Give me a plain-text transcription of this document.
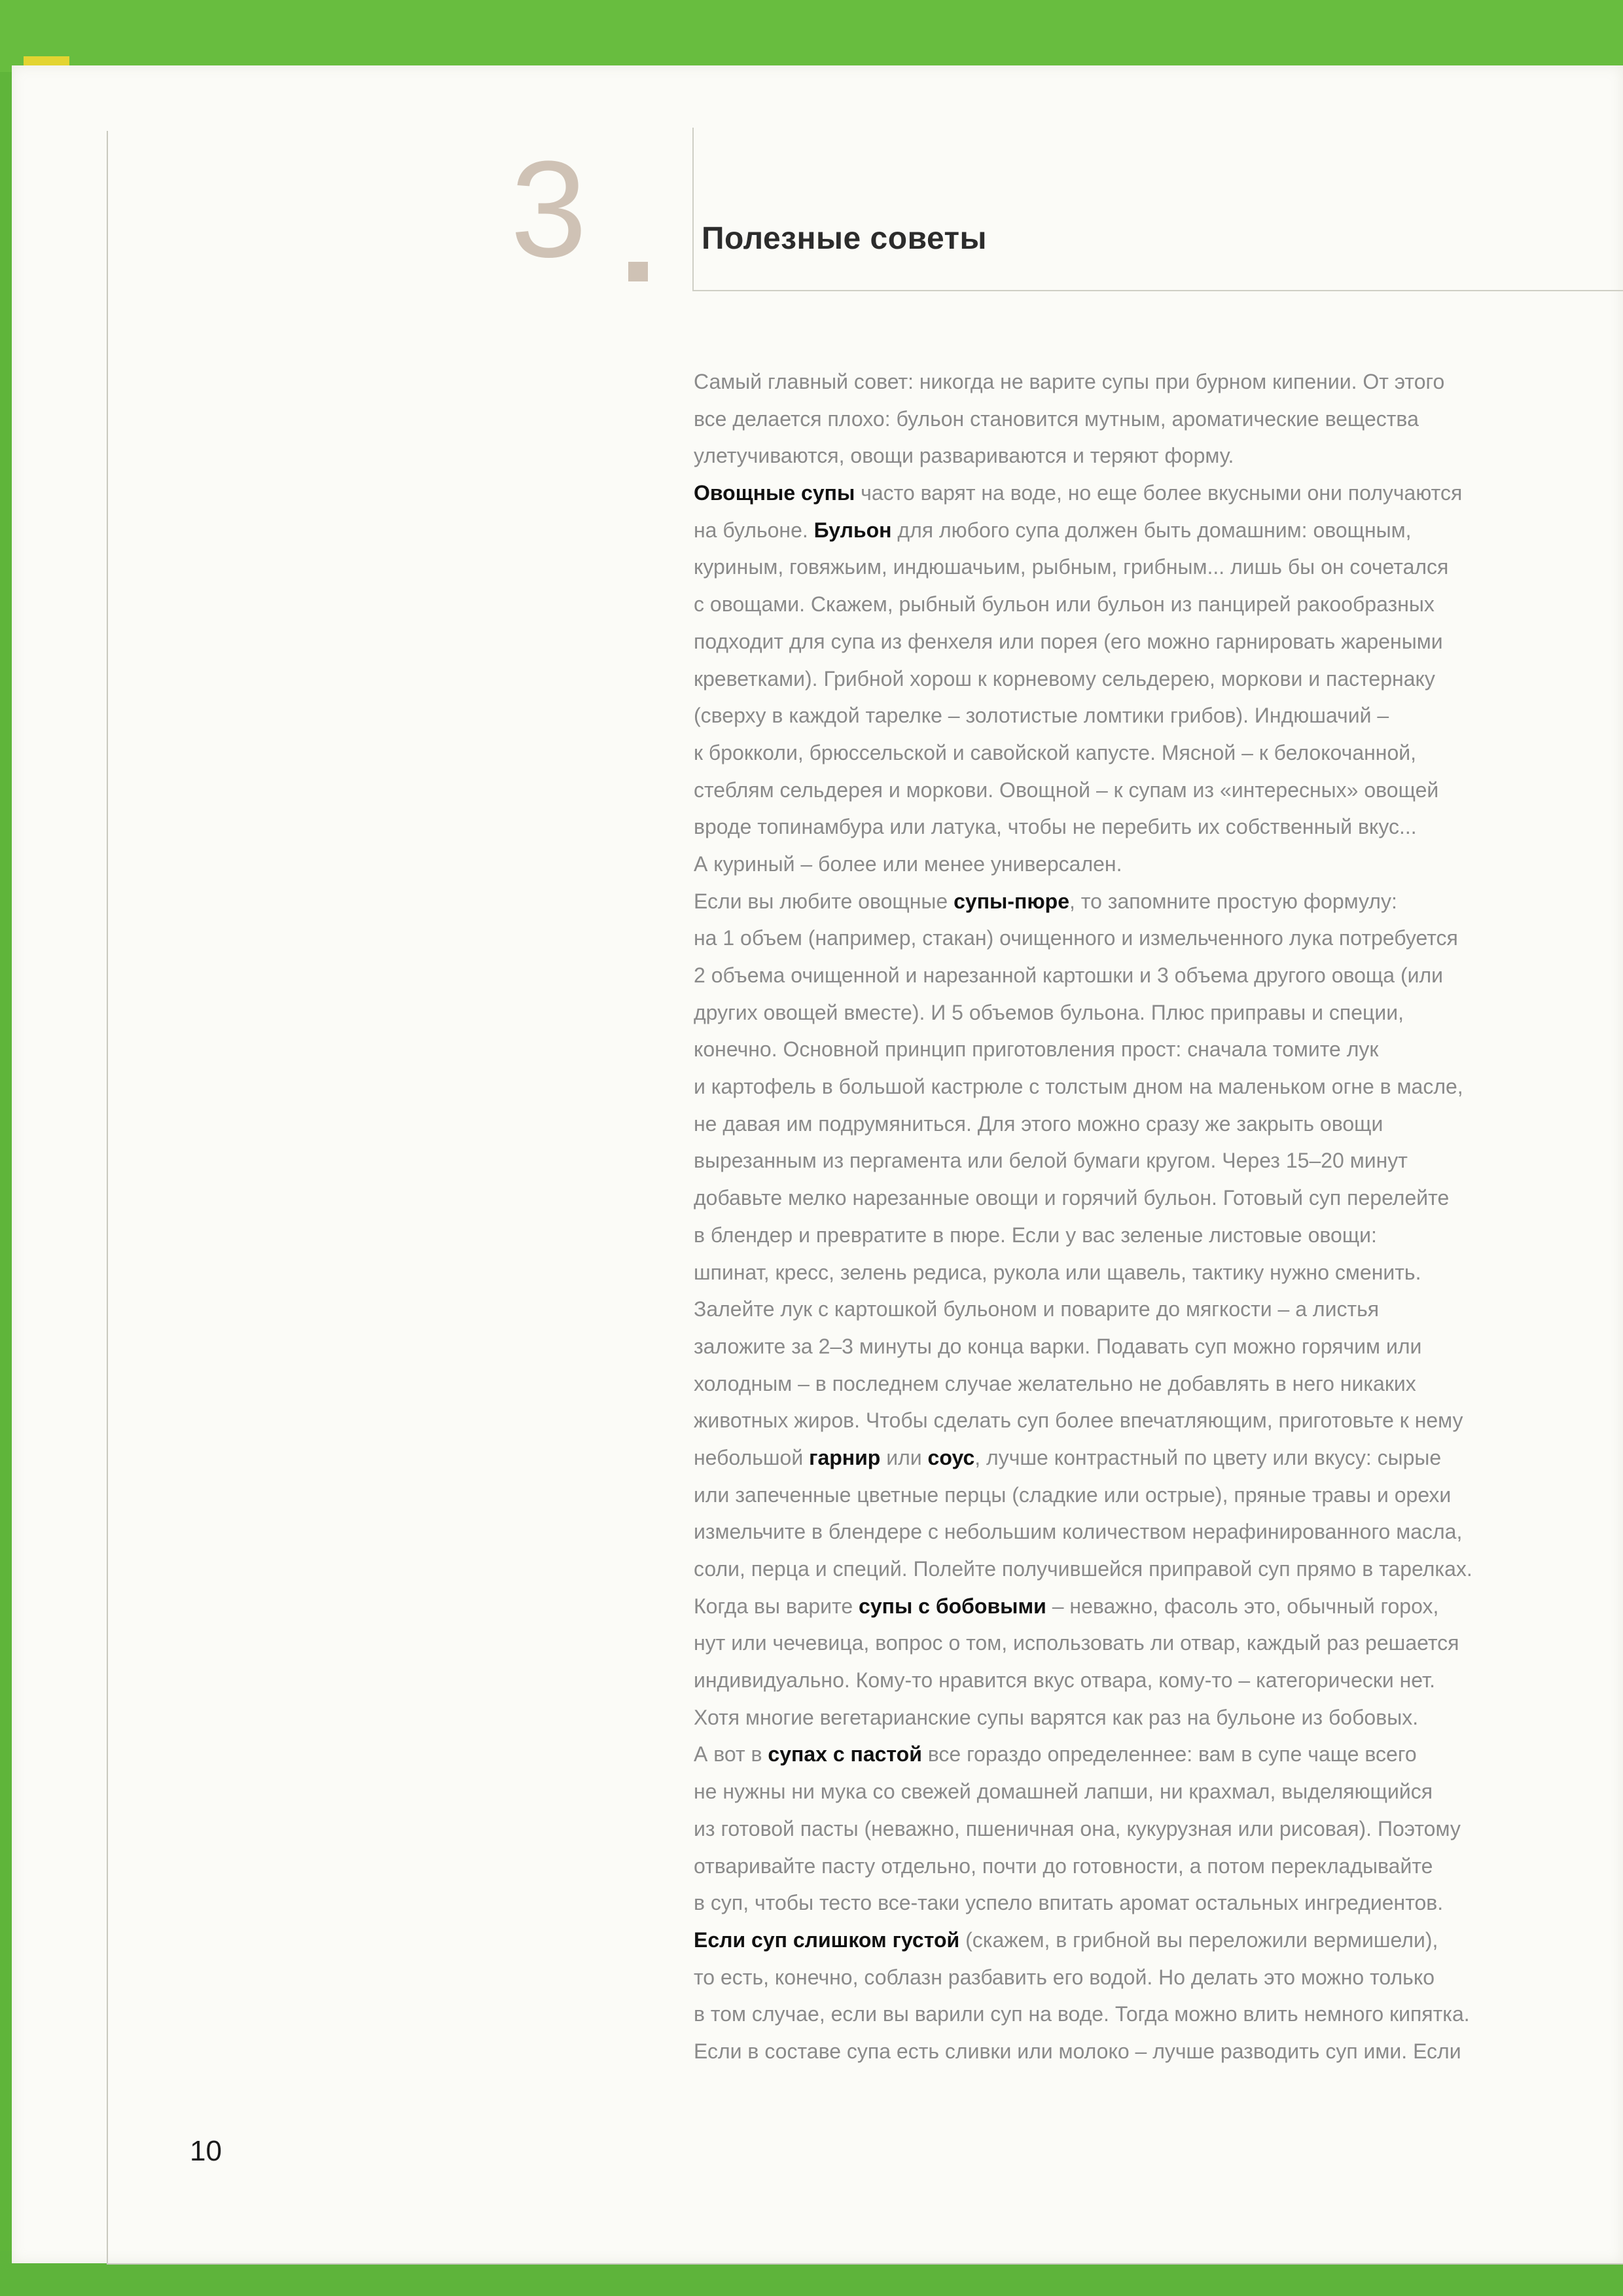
3	Полезные советы
Самый главный совет: никогда не варите супы при бурном кипении. От этого
все делается плохо: бульон становится мутным, ароматические вещества
улетучиваются, овощи развариваются и теряют форму.
Овощные супы часто варят на воде, но еще более вкусными они получаются
на бульоне. Бульон для любого супа должен быть домашним: овощным,
куриным, говяжьим, индюшачьим, рыбным, грибным... лишь бы он сочетался
с овощами. Скажем, рыбный бульон или бульон из панцирей ракообразных
подходит для супа из фенхеля или порея (его можно гарнировать жареными
креветками). Грибной хорош к корневому сельдерею, моркови и пастернаку
(сверху в каждой тарелке – золотистые ломтики грибов). Индюшачий –
к брокколи, брюссельской и савойской капусте. Мясной – к белокочанной,
стеблям сельдерея и моркови. Овощной – к супам из «интересных» овощей
вроде топинамбура или латука, чтобы не перебить их собственный вкус...
А куриный – более или менее универсален.
Если вы любите овощные супы-пюре, то запомните простую формулу:
на 1 объем (например, стакан) очищенного и измельченного лука потребуется
2 объема очищенной и нарезанной картошки и 3 объема другого овоща (или
других овощей вместе). И 5 объемов бульона. Плюс приправы и специи,
конечно. Основной принцип приготовления прост: сначала томите лук
и картофель в большой кастрюле с толстым дном на маленьком огне в масле,
не давая им подрумяниться. Для этого можно сразу же закрыть овощи
вырезанным из пергамента или белой бумаги кругом. Через 15–20 минут
добавьте мелко нарезанные овощи и горячий бульон. Готовый суп перелейте
в блендер и превратите в пюре. Если у вас зеленые листовые овощи:
шпинат, кресс, зелень редиса, рукола или щавель, тактику нужно сменить.
Залейте лук с картошкой бульоном и поварите до мягкости – а листья
заложите за 2–3 минуты до конца варки. Подавать суп можно горячим или
холодным – в последнем случае желательно не добавлять в него никаких
животных жиров. Чтобы сделать суп более впечатляющим, приготовьте к нему
небольшой гарнир или соус, лучше контрастный по цвету или вкусу: сырые
или запеченные цветные перцы (сладкие или острые), пряные травы и орехи
измельчите в блендере с небольшим количеством нерафинированного масла,
соли, перца и специй. Полейте получившейся приправой суп прямо в тарелках.
Когда вы варите супы с бобовыми – неважно, фасоль это, обычный горох,
нут или чечевица, вопрос о том, использовать ли отвар, каждый раз решается
индивидуально. Кому-то нравится вкус отвара, кому-то – категорически нет.
Хотя многие вегетарианские супы варятся как раз на бульоне из бобовых.
А вот в супах с пастой все гораздо определеннее: вам в супе чаще всего
не нужны ни мука со свежей домашней лапши, ни крахмал, выделяющийся
из готовой пасты (неважно, пшеничная она, кукурузная или рисовая). Поэтому
отваривайте пасту отдельно, почти до готовности, а потом перекладывайте
в суп, чтобы тесто все-таки успело впитать аромат остальных ингредиентов.
Если суп слишком густой (скажем, в грибной вы переложили вермишели),
то есть, конечно, соблазн разбавить его водой. Но делать это можно только
в том случае, если вы варили суп на воде. Тогда можно влить немного кипятка.
Если в составе супа есть сливки или молоко – лучше разводить суп ими. Если
10
